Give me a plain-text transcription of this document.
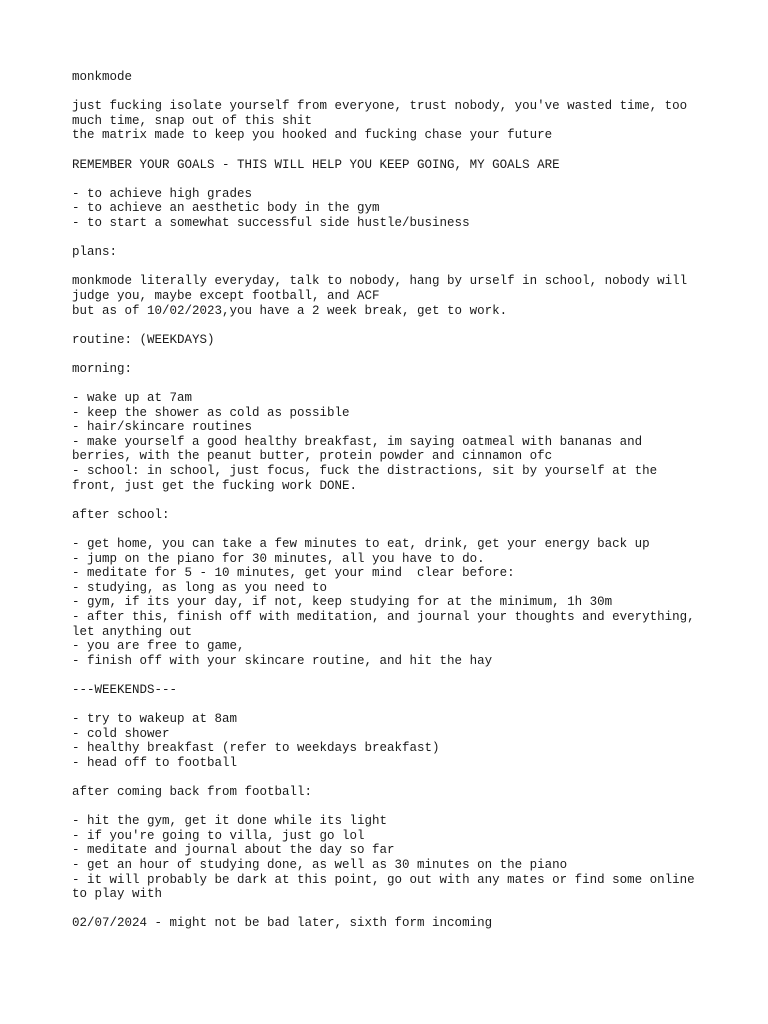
monkmode
just fucking isolate yourself from everyone, trust nobody, you've wasted time, too
much time, snap out of this shit
the matrix made to keep you hooked and fucking chase your future
REMEMBER YOUR GOALS - THIS WILL HELP YOU KEEP GOING, MY GOALS ARE
- to achieve high grades
- to achieve an aesthetic body in the gym
- to start a somewhat successful side hustle/business
plans:
monkmode literally everyday, talk to nobody, hang by urself in school, nobody will
judge you, maybe except football, and ACF
but as of 10/02/2023,you have a 2 week break, get to work.
routine: (WEEKDAYS)
morning:
- wake up at 7am
- keep the shower as cold as possible
- hair/skincare routines
- make yourself a good healthy breakfast, im saying oatmeal with bananas and
berries, with the peanut butter, protein powder and cinnamon ofc
- school: in school, just focus, fuck the distractions, sit by yourself at the
front, just get the fucking work DONE.
after school:
- get home, you can take a few minutes to eat, drink, get your energy back up
- jump on the piano for 30 minutes, all you have to do.
- meditate for 5 - 10 minutes, get your mind  clear before:
- studying, as long as you need to
- gym, if its your day, if not, keep studying for at the minimum, 1h 30m
- after this, finish off with meditation, and journal your thoughts and everything,
let anything out
- you are free to game,
- finish off with your skincare routine, and hit the hay
---WEEKENDS---
- try to wakeup at 8am
- cold shower
- healthy breakfast (refer to weekdays breakfast)
- head off to football
after coming back from football:
- hit the gym, get it done while its light
- if you're going to villa, just go lol
- meditate and journal about the day so far
- get an hour of studying done, as well as 30 minutes on the piano
- it will probably be dark at this point, go out with any mates or find some online
to play with
02/07/2024 - might not be bad later, sixth form incoming
